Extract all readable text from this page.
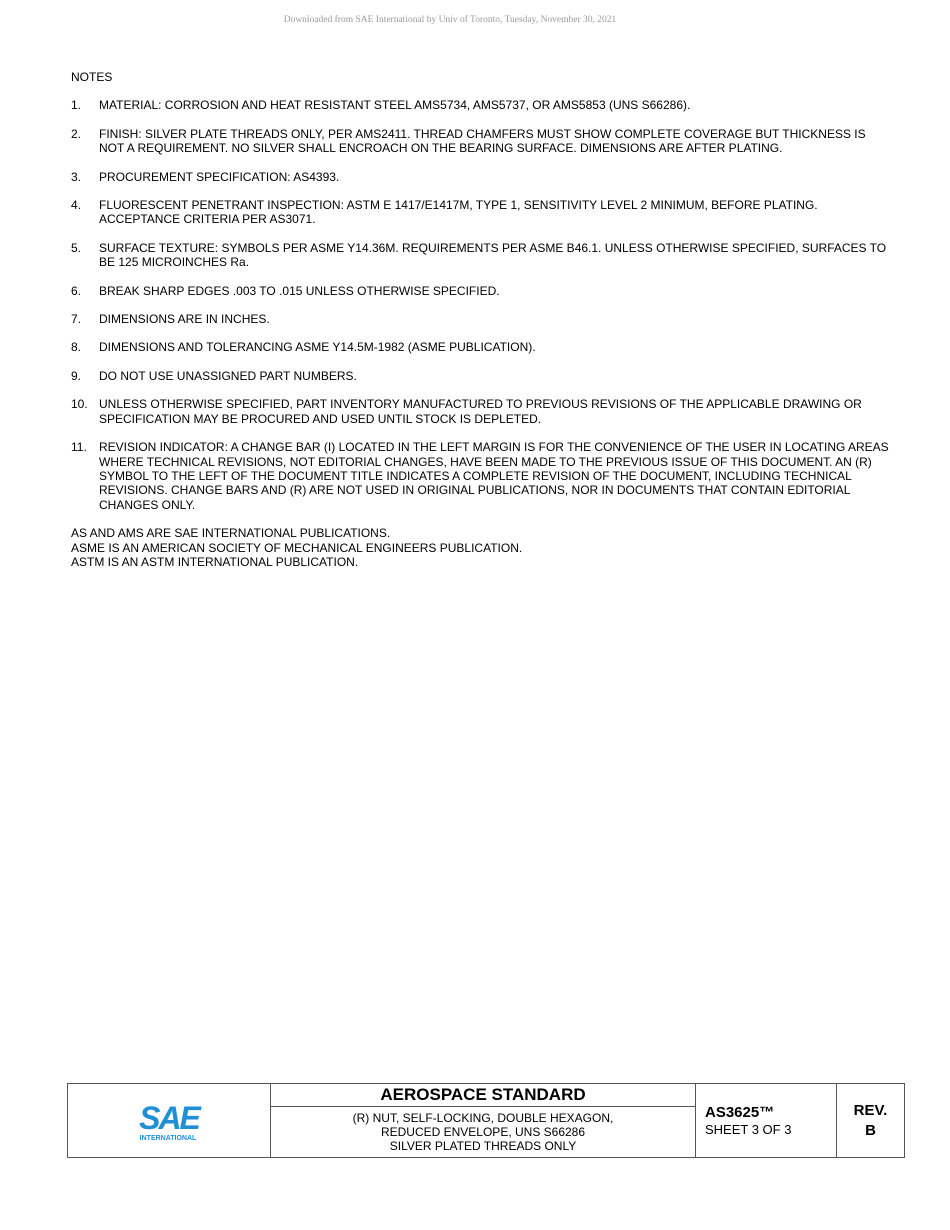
Downloaded from SAE International by Univ of Toronto, Tuesday, November 30, 2021
NOTES
1.	MATERIAL: CORROSION AND HEAT RESISTANT STEEL AMS5734, AMS5737, OR AMS5853 (UNS S66286).
2.	FINISH: SILVER PLATE THREADS ONLY, PER AMS2411. THREAD CHAMFERS MUST SHOW COMPLETE COVERAGE BUT THICKNESS IS NOT A REQUIREMENT. NO SILVER SHALL ENCROACH ON THE BEARING SURFACE. DIMENSIONS ARE AFTER PLATING.
3.	PROCUREMENT SPECIFICATION: AS4393.
4.	FLUORESCENT PENETRANT INSPECTION: ASTM E 1417/E1417M, TYPE 1, SENSITIVITY LEVEL 2 MINIMUM, BEFORE PLATING. ACCEPTANCE CRITERIA PER AS3071.
5.	SURFACE TEXTURE: SYMBOLS PER ASME Y14.36M. REQUIREMENTS PER ASME B46.1. UNLESS OTHERWISE SPECIFIED, SURFACES TO BE 125 MICROINCHES Ra.
6.	BREAK SHARP EDGES .003 TO .015 UNLESS OTHERWISE SPECIFIED.
7.	DIMENSIONS ARE IN INCHES.
8.	DIMENSIONS AND TOLERANCING ASME Y14.5M-1982 (ASME PUBLICATION).
9.	DO NOT USE UNASSIGNED PART NUMBERS.
10. UNLESS OTHERWISE SPECIFIED, PART INVENTORY MANUFACTURED TO PREVIOUS REVISIONS OF THE APPLICABLE DRAWING OR SPECIFICATION MAY BE PROCURED AND USED UNTIL STOCK IS DEPLETED.
11.	REVISION INDICATOR: A CHANGE BAR (I) LOCATED IN THE LEFT MARGIN IS FOR THE CONVENIENCE OF THE USER IN LOCATING AREAS WHERE TECHNICAL REVISIONS, NOT EDITORIAL CHANGES, HAVE BEEN MADE TO THE PREVIOUS ISSUE OF THIS DOCUMENT. AN (R) SYMBOL TO THE LEFT OF THE DOCUMENT TITLE INDICATES A COMPLETE REVISION OF THE DOCUMENT, INCLUDING TECHNICAL REVISIONS. CHANGE BARS AND (R) ARE NOT USED IN ORIGINAL PUBLICATIONS, NOR IN DOCUMENTS THAT CONTAIN EDITORIAL CHANGES ONLY.
AS AND AMS ARE SAE INTERNATIONAL PUBLICATIONS.
ASME IS AN AMERICAN SOCIETY OF MECHANICAL ENGINEERS PUBLICATION.
ASTM IS AN ASTM INTERNATIONAL PUBLICATION.
SAE
INTERNATIONAL
AEROSPACE STANDARD
(R) NUT, SELF-LOCKING, DOUBLE HEXAGON,
REDUCED ENVELOPE, UNS S66286
SILVER PLATED THREADS ONLY
AS3625™
SHEET 3 OF 3
REV.
B
